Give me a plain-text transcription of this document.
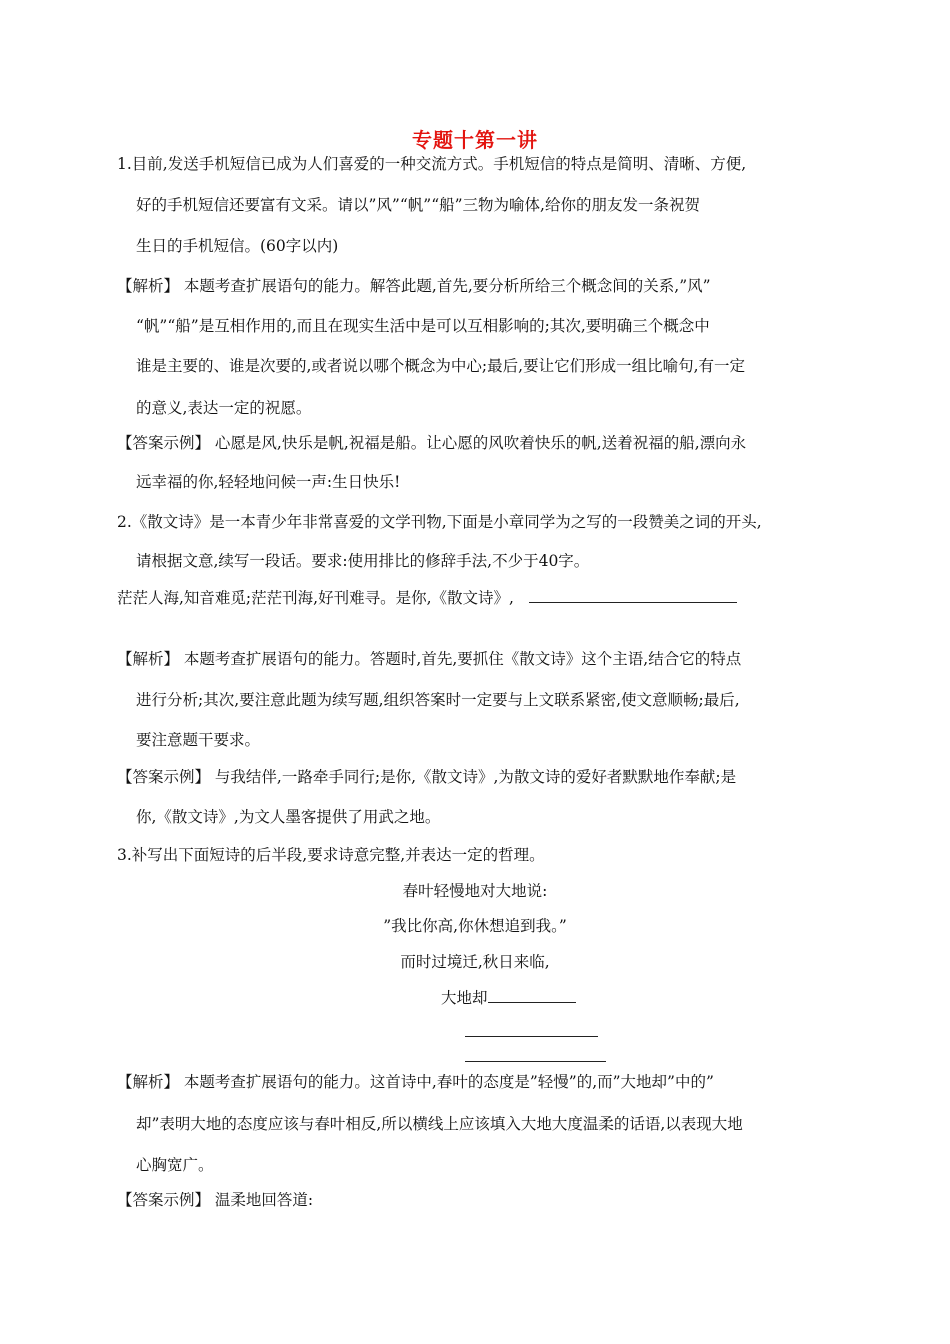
专题十第一讲
1.目前,发送手机短信已成为人们喜爱的一种交流方式。手机短信的特点是简明、清晰、方便,
好的手机短信还要富有文采。请以”风”“帆”“船”三物为喻体,给你的朋友发一条祝贺
生日的手机短信。(60字以内)
【解析】 本题考查扩展语句的能力。解答此题,首先,要分析所给三个概念间的关系,”风”
“帆”“船”是互相作用的,而且在现实生活中是可以互相影响的;其次,要明确三个概念中
谁是主要的、谁是次要的,或者说以哪个概念为中心;最后,要让它们形成一组比喻句,有一定
的意义,表达一定的祝愿。
【答案示例】 心愿是风,快乐是帆,祝福是船。让心愿的风吹着快乐的帆,送着祝福的船,漂向永
远幸福的你,轻轻地问候一声:生日快乐!
2.《散文诗》是一本青少年非常喜爱的文学刊物,下面是小章同学为之写的一段赞美之词的开头,
请根据文意,续写一段话。要求:使用排比的修辞手法,不少于40字。
茫茫人海,知音难觅;茫茫刊海,好刊难寻。是你,《散文诗》,
【解析】 本题考查扩展语句的能力。答题时,首先,要抓住《散文诗》这个主语,结合它的特点
进行分析;其次,要注意此题为续写题,组织答案时一定要与上文联系紧密,使文意顺畅;最后,
要注意题干要求。
【答案示例】 与我结伴,一路牵手同行;是你,《散文诗》,为散文诗的爱好者默默地作奉献;是
你,《散文诗》,为文人墨客提供了用武之地。
3.补写出下面短诗的后半段,要求诗意完整,并表达一定的哲理。
春叶轻慢地对大地说:
”我比你高,你休想追到我。”
而时过境迁,秋日来临,
大地却
【解析】 本题考查扩展语句的能力。这首诗中,春叶的态度是”轻慢”的,而”大地却”中的”
却”表明大地的态度应该与春叶相反,所以横线上应该填入大地大度温柔的话语,以表现大地
心胸宽广。
【答案示例】 温柔地回答道:
